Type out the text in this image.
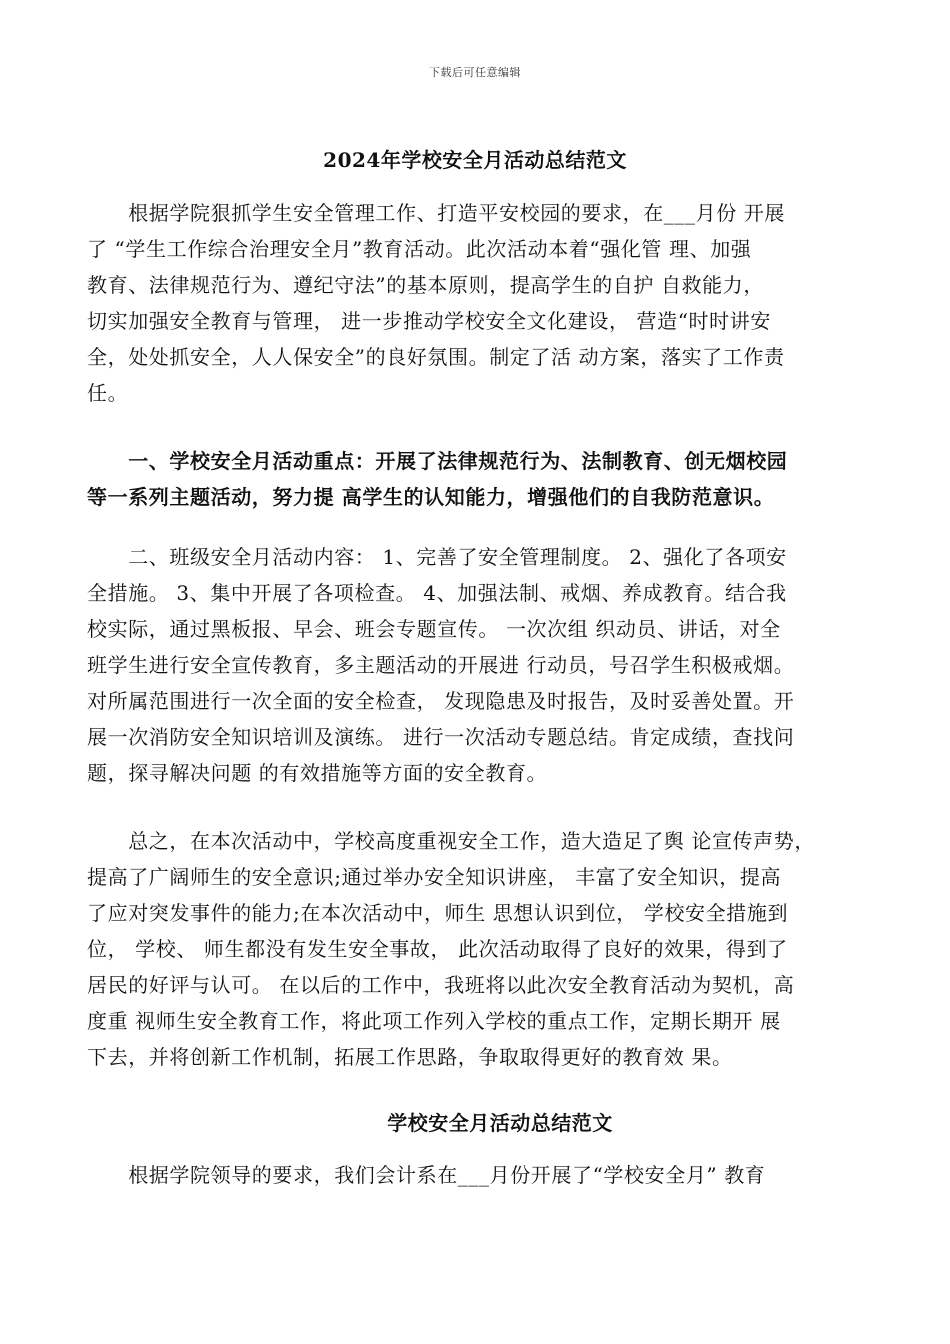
下载后可任意编辑
2024年学校安全月活动总结范文
　　根据学院狠抓学生安全管理工作、打造平安校园的要求，在___月份 开展
了 “学生工作综合治理安全月”教育活动。此次活动本着“强化管 理、加强
教育、法律规范行为、遵纪守法”的基本原则，提高学生的自护 自救能力，
切实加强安全教育与管理， 进一步推动学校安全文化建设， 营造“时时讲安
全，处处抓安全，人人保安全”的良好氛围。制定了活 动方案，落实了工作责
任。
　　一、学校安全月活动重点：开展了法律规范行为、法制教育、创无烟校园
等一系列主题活动，努力提 高学生的认知能力，增强他们的自我防范意识。
　　二、班级安全月活动内容： 1、完善了安全管理制度。 2、强化了各项安
全措施。 3、集中开展了各项检查。 4、加强法制、戒烟、养成教育。结合我
校实际，通过黑板报、早会、班会专题宣传。 一次次组 织动员、讲话，对全
班学生进行安全宣传教育，多主题活动的开展进 行动员，号召学生积极戒烟。
对所属范围进行一次全面的安全检查， 发现隐患及时报告，及时妥善处置。开
展一次消防安全知识培训及演练。 进行一次活动专题总结。肯定成绩，查找问
题，探寻解决问题 的有效措施等方面的安全教育。
　　总之，在本次活动中，学校高度重视安全工作，造大造足了舆 论宣传声势，
提高了广阔师生的安全意识;通过举办安全知识讲座， 丰富了安全知识，提高
了应对突发事件的能力;在本次活动中，师生 思想认识到位， 学校安全措施到
位， 学校、 师生都没有发生安全事故， 此次活动取得了良好的效果，得到了
居民的好评与认可。 在以后的工作中，我班将以此次安全教育活动为契机，高
度重 视师生安全教育工作，将此项工作列入学校的重点工作，定期长期开 展
下去，并将创新工作机制，拓展工作思路，争取取得更好的教育效 果。
学校安全月活动总结范文
　　根据学院领导的要求，我们会计系在___月份开展了“学校安全月” 教育
